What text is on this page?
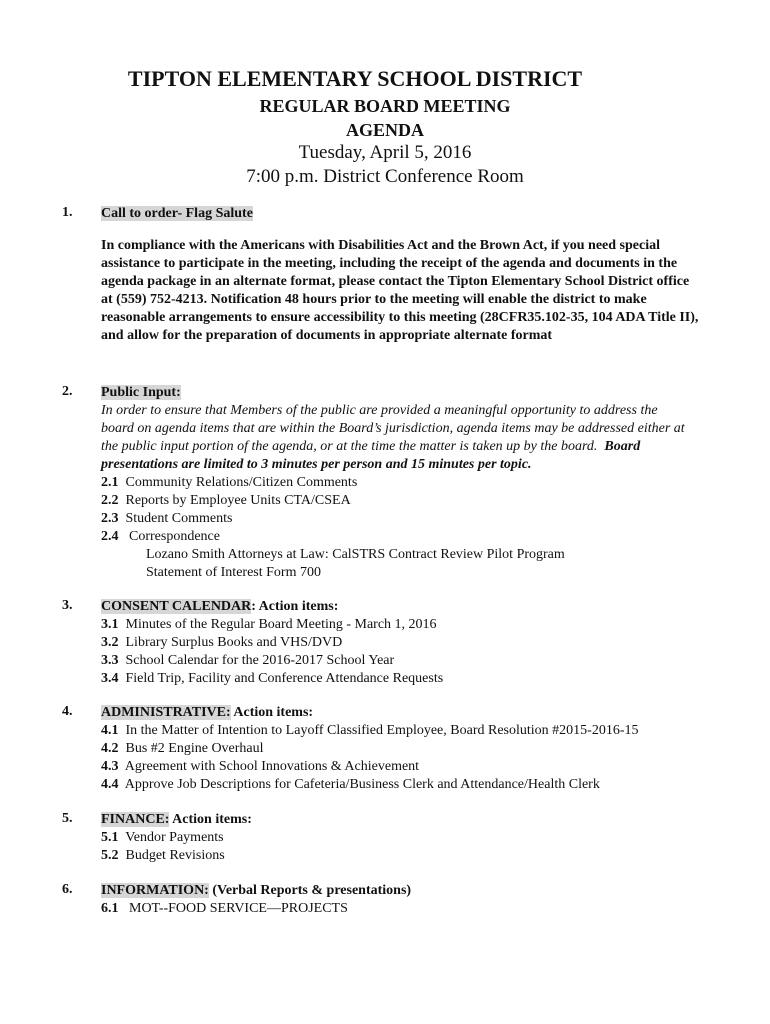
TIPTON ELEMENTARY SCHOOL DISTRICT
REGULAR BOARD MEETING
AGENDA
Tuesday, April 5, 2016
7:00 p.m. District Conference Room
1. Call to order- Flag Salute
In compliance with the Americans with Disabilities Act and the Brown Act, if you need special assistance to participate in the meeting, including the receipt of the agenda and documents in the agenda package in an alternate format, please contact the Tipton Elementary School District office at (559) 752-4213. Notification 48 hours prior to the meeting will enable the district to make reasonable arrangements to ensure accessibility to this meeting (28CFR35.102-35, 104 ADA Title II), and allow for the preparation of documents in appropriate alternate format
2. Public Input:
In order to ensure that Members of the public are provided a meaningful opportunity to address the board on agenda items that are within the Board’s jurisdiction, agenda items may be addressed either at the public input portion of the agenda, or at the time the matter is taken up by the board. Board presentations are limited to 3 minutes per person and 15 minutes per topic.
2.1 Community Relations/Citizen Comments
2.2 Reports by Employee Units CTA/CSEA
2.3 Student Comments
2.4 Correspondence
Lozano Smith Attorneys at Law: CalSTRS Contract Review Pilot Program
Statement of Interest Form 700
3. CONSENT CALENDAR: Action items:
3.1 Minutes of the Regular Board Meeting - March 1, 2016
3.2 Library Surplus Books and VHS/DVD
3.3 School Calendar for the 2016-2017 School Year
3.4 Field Trip, Facility and Conference Attendance Requests
4. ADMINISTRATIVE: Action items:
4.1 In the Matter of Intention to Layoff Classified Employee, Board Resolution #2015-2016-15
4.2 Bus #2 Engine Overhaul
4.3 Agreement with School Innovations & Achievement
4.4 Approve Job Descriptions for Cafeteria/Business Clerk and Attendance/Health Clerk
5. FINANCE: Action items:
5.1 Vendor Payments
5.2 Budget Revisions
6. INFORMATION: (Verbal Reports & presentations)
6.1 MOT--FOOD SERVICE—PROJECTS
